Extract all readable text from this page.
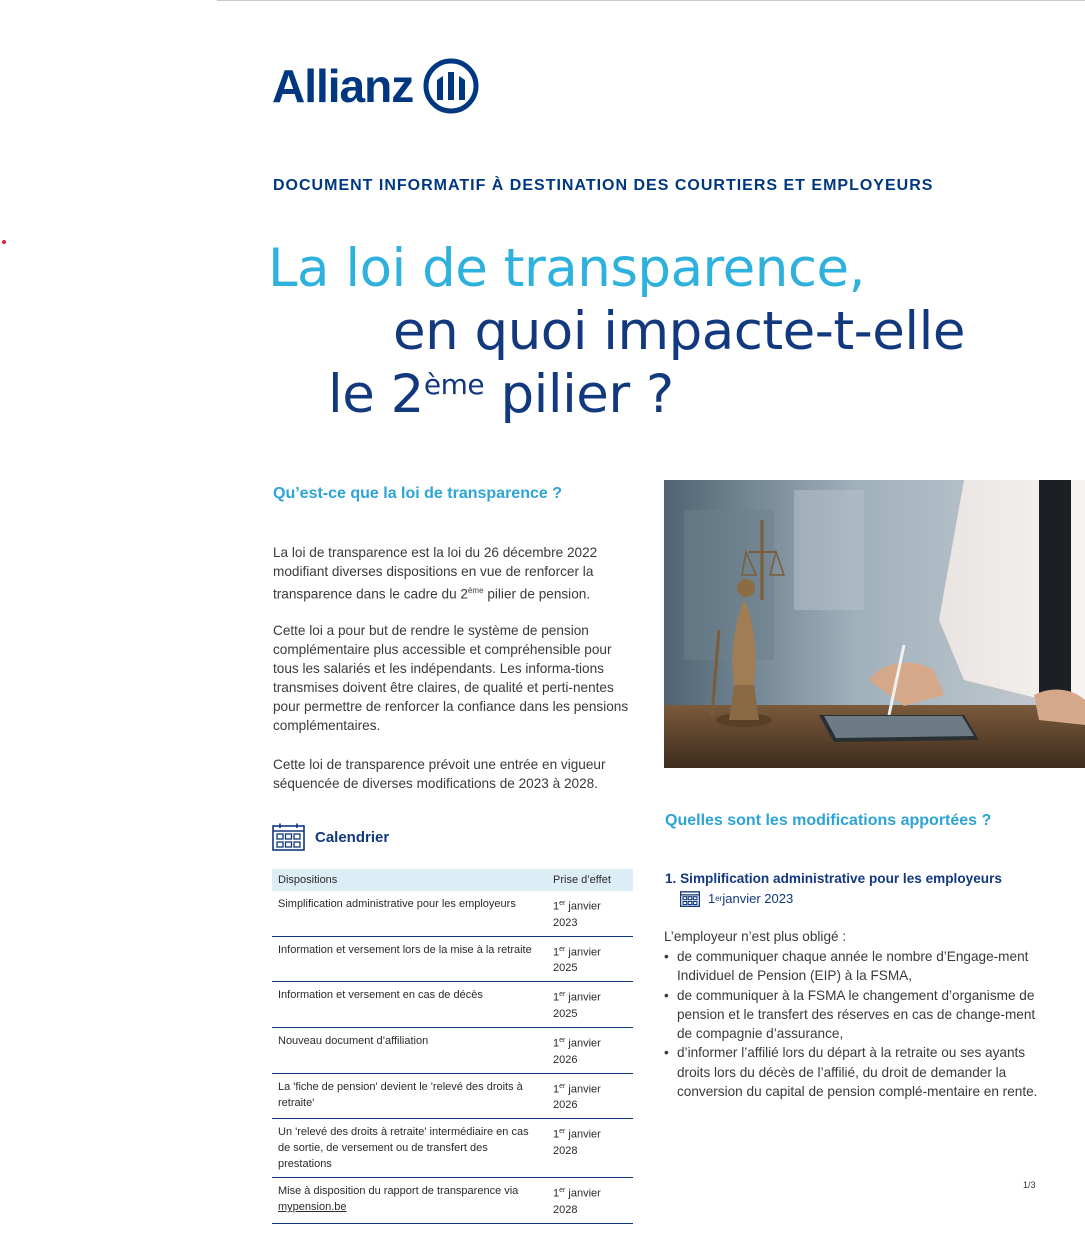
Allianz
DOCUMENT INFORMATIF À DESTINATION DES COURTIERS ET EMPLOYEURS
La loi de transparence,
en quoi impacte-t-elle
le 2ème pilier ?
Qu’est-ce que la loi de transparence ?

La loi de transparence est la loi du 26 décembre 2022 modifiant diverses dispositions en vue de renforcer la transparence dans le cadre du 2ème pilier de pension.

Cette loi a pour but de rendre le système de pension complémentaire plus accessible et compréhensible pour tous les salariés et les indépendants. Les informa-tions transmises doivent être claires, de qualité et perti-nentes pour permettre de renforcer la confiance dans les pensions complémentaires.

Cette loi de transparence prévoit une entrée en vigueur séquencée de diverses modifications de 2023 à 2028.

Calendrier
Dispositions	Prise d’effet
Simplification administrative pour les employeurs	1er janvier 2023
Information et versement lors de la mise à la retraite	1er janvier 2025
Information et versement en cas de décès	1er janvier 2025
Nouveau document d’affiliation	1er janvier 2026
La 'fiche de pension' devient le 'relevé des droits à retraite'	1er janvier 2026
Un 'relevé des droits à retraite' intermédiaire en cas de sortie, de versement ou de transfert des prestations	1er janvier 2028
Mise à disposition du rapport de transparence via mypension.be	1er janvier 2028
Quelles sont les modifications apportées ?
1. Simplification administrative pour les employeurs
1 er janvier 2023
L’employeur n’est plus obligé :
• de communiquer chaque année le nombre d’Engage-ment Individuel de Pension (EIP) à la FSMA,
• de communiquer à la FSMA le changement d’organisme de pension et le transfert des réserves en cas de change-ment de compagnie d’assurance,
• d’informer l’affilié lors du départ à la retraite ou ses ayants droits lors du décès de l’affilié, du droit de demander la conversion du capital de pension complé-mentaire en rente.
1/3
